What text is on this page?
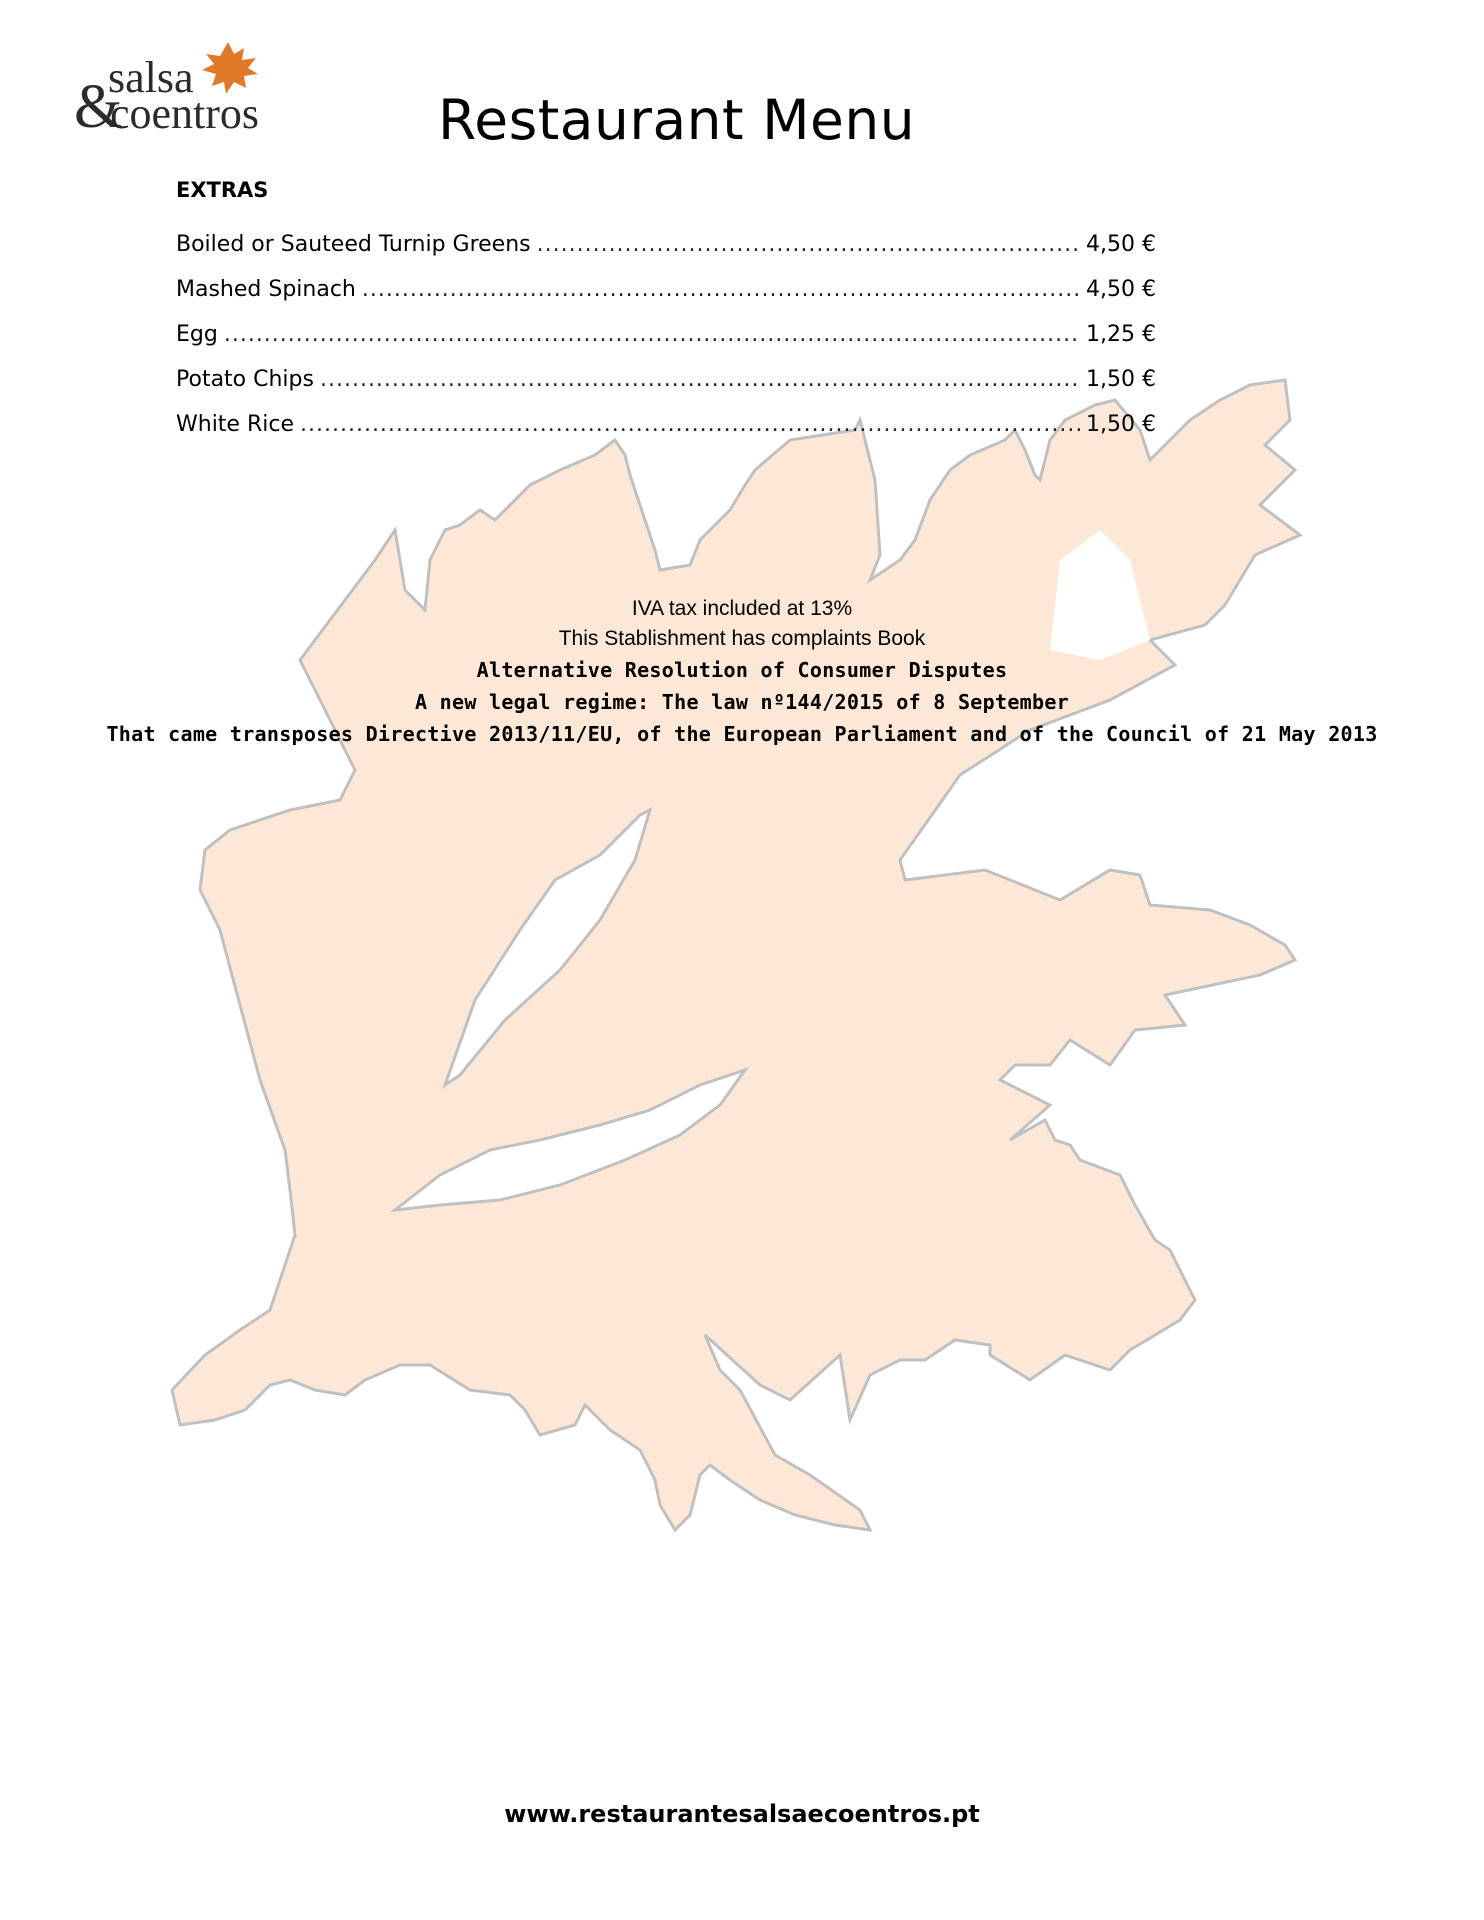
salsa
&
coentros	Restaurant Menu
EXTRAS
Boiled or Sauteed Turnip Greens .....	4,50 €
Mashed Spinach .....	4,50 €
Egg .....	1,25 €
Potato Chips .....	1,50 €
White Rice .....	1,50 €
IVA tax included at 13%
This Stablishment has complaints Book
Alternative Resolution of Consumer Disputes
A new legal regime: The law nº144/2015 of 8 September
That came transposes Directive 2013/11/EU, of the European Parliament and of the Council of 21 May 2013
www.restaurantesalsaecoentros.pt
